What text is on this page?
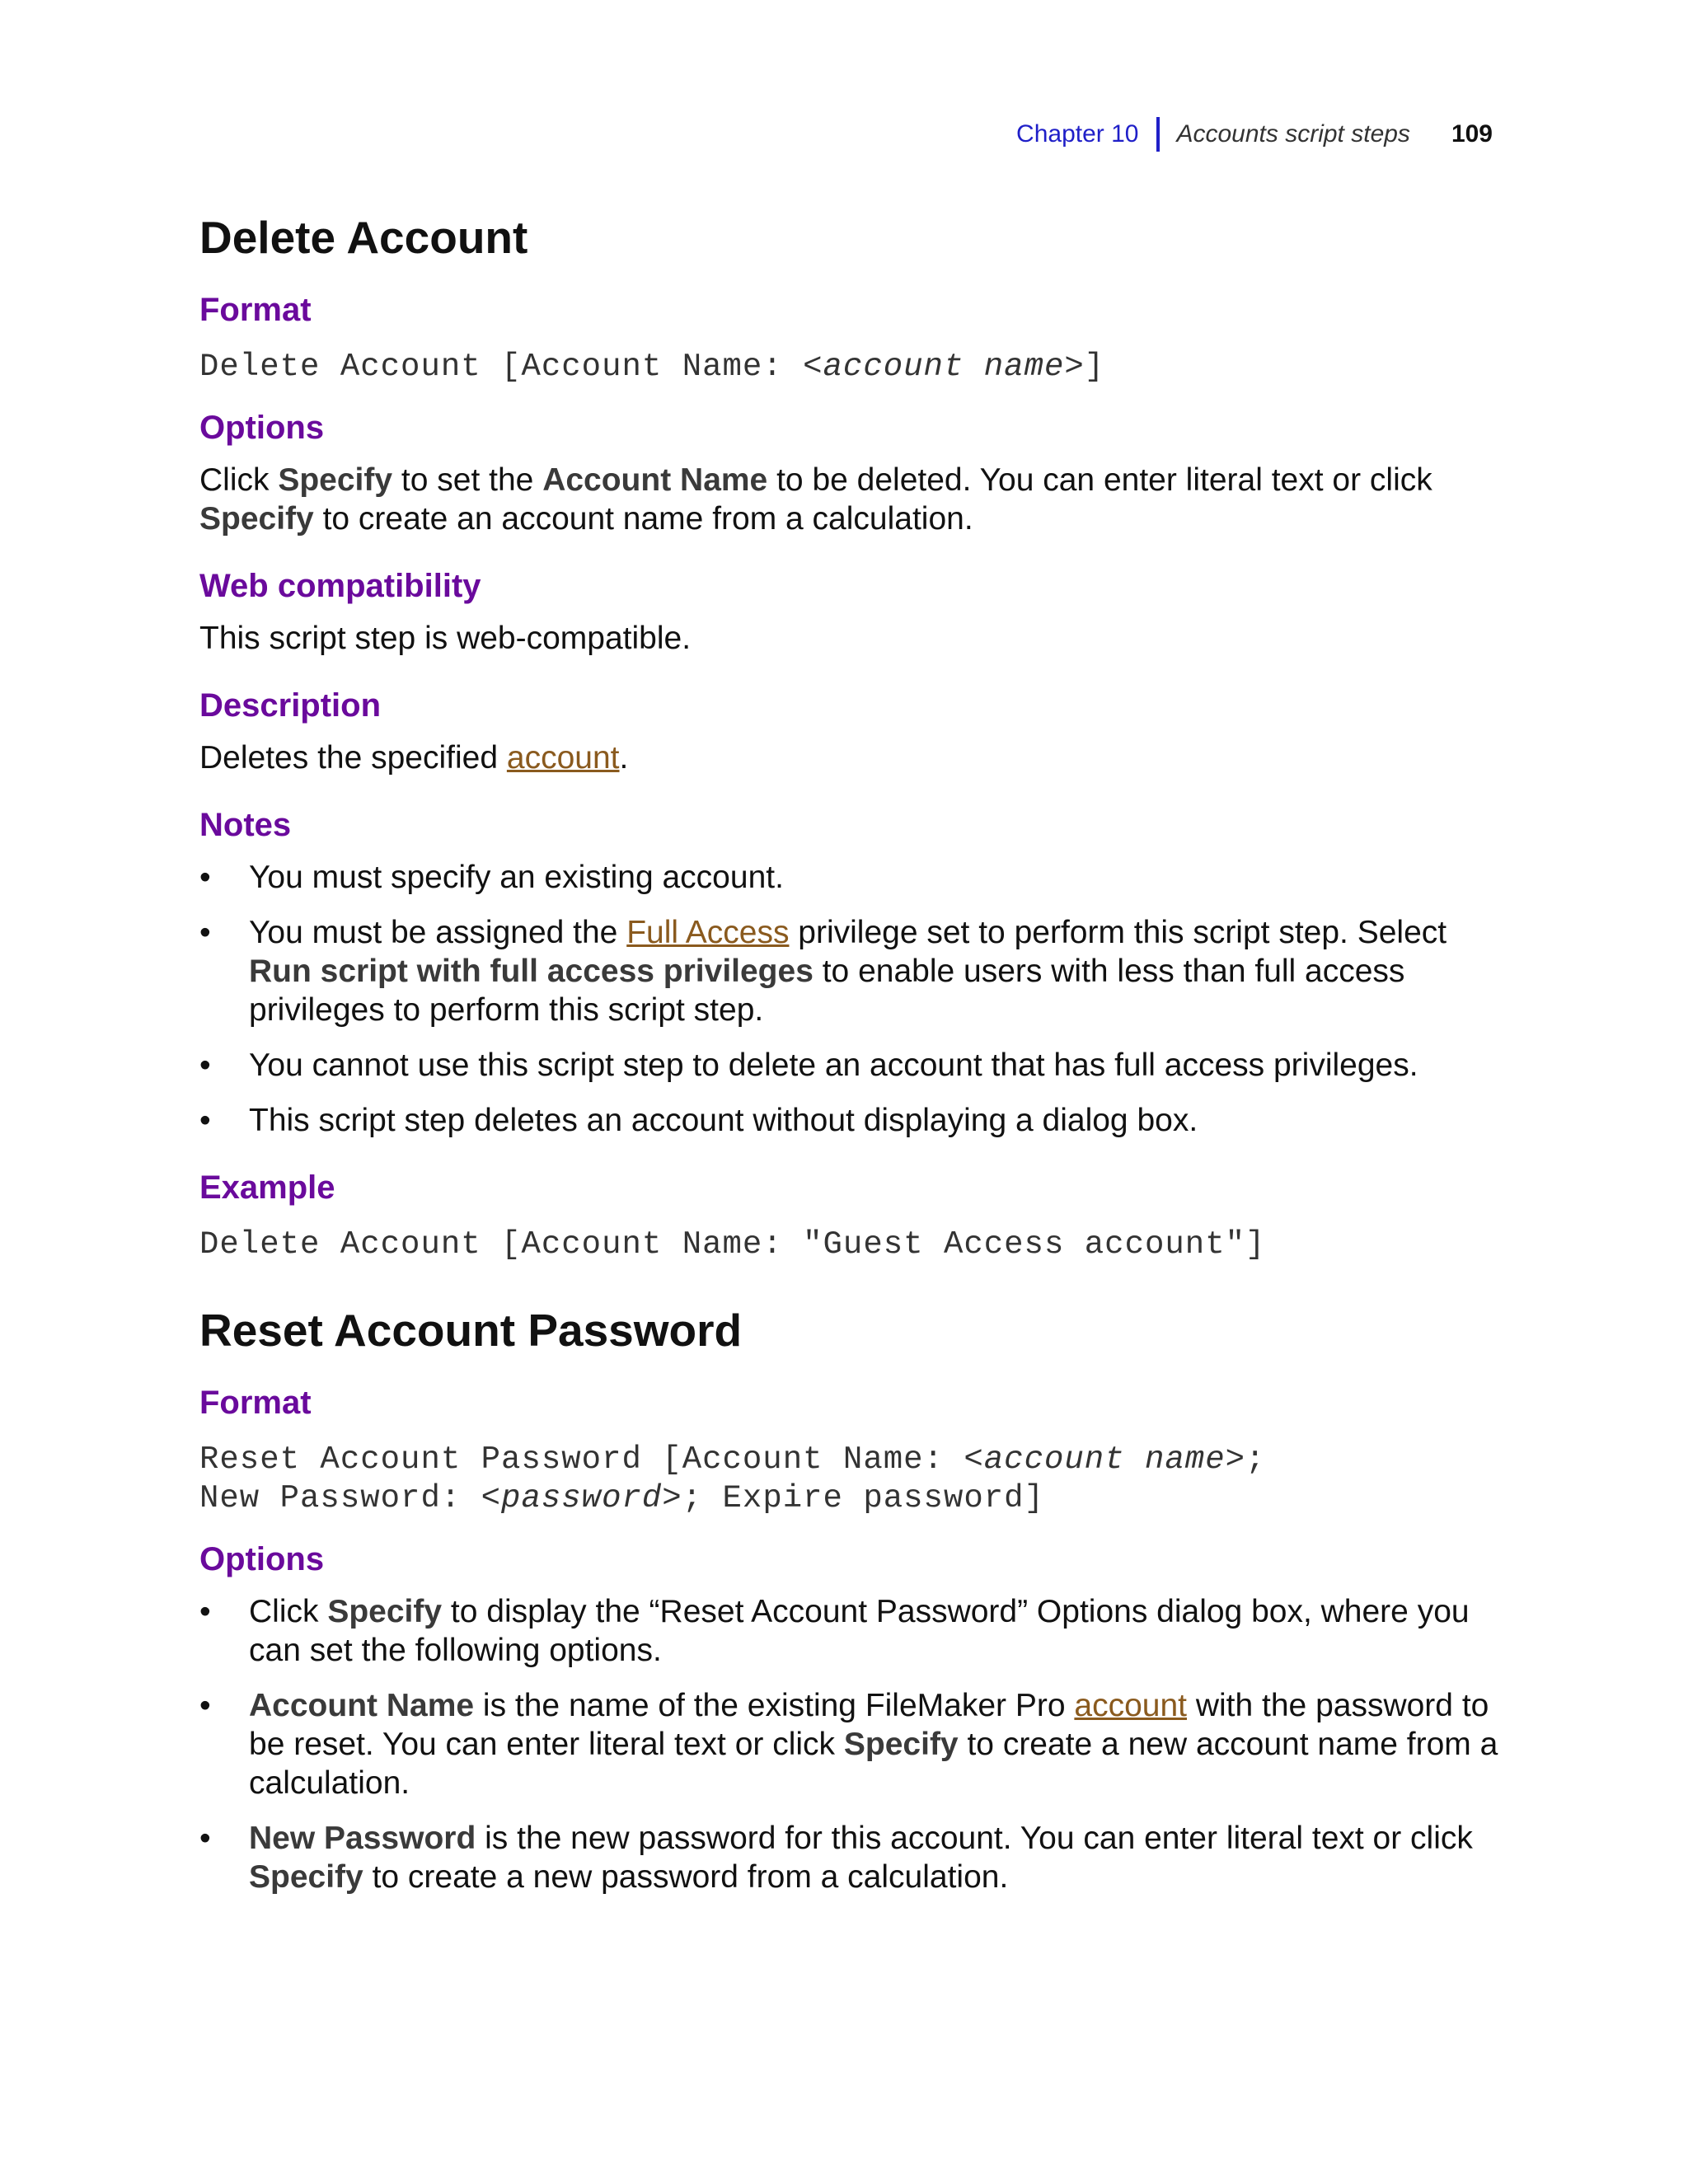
Chapter 10 Accounts script steps 109
Delete Account
Format

Delete Account [Account Name: <account name>]

Options

Click Specify to set the Account Name to be deleted. You can enter literal text or click Specify to create an account name from a calculation.

Web compatibility

This script step is web-compatible.

Description

Deletes the specified account.

Notes
• You must specify an existing account.
• You must be assigned the Full Access privilege set to perform this script step. Select Run script with full access privileges to enable users with less than full access privileges to perform this script step.
• You cannot use this script step to delete an account that has full access privileges.
• This script step deletes an account without displaying a dialog box.
Example

Delete Account [Account Name: "Guest Access account"]

Reset Account Password
Format

Reset Account Password [Account Name: <account name>;
New Password: <password>; Expire password]

Options
• Click Specify to display the “Reset Account Password” Options dialog box, where you can set the following options.
• Account Name is the name of the existing FileMaker Pro account with the password to be reset. You can enter literal text or click Specify to create a new account name from a calculation.
• New Password is the new password for this account. You can enter literal text or click Specify to create a new password from a calculation.
